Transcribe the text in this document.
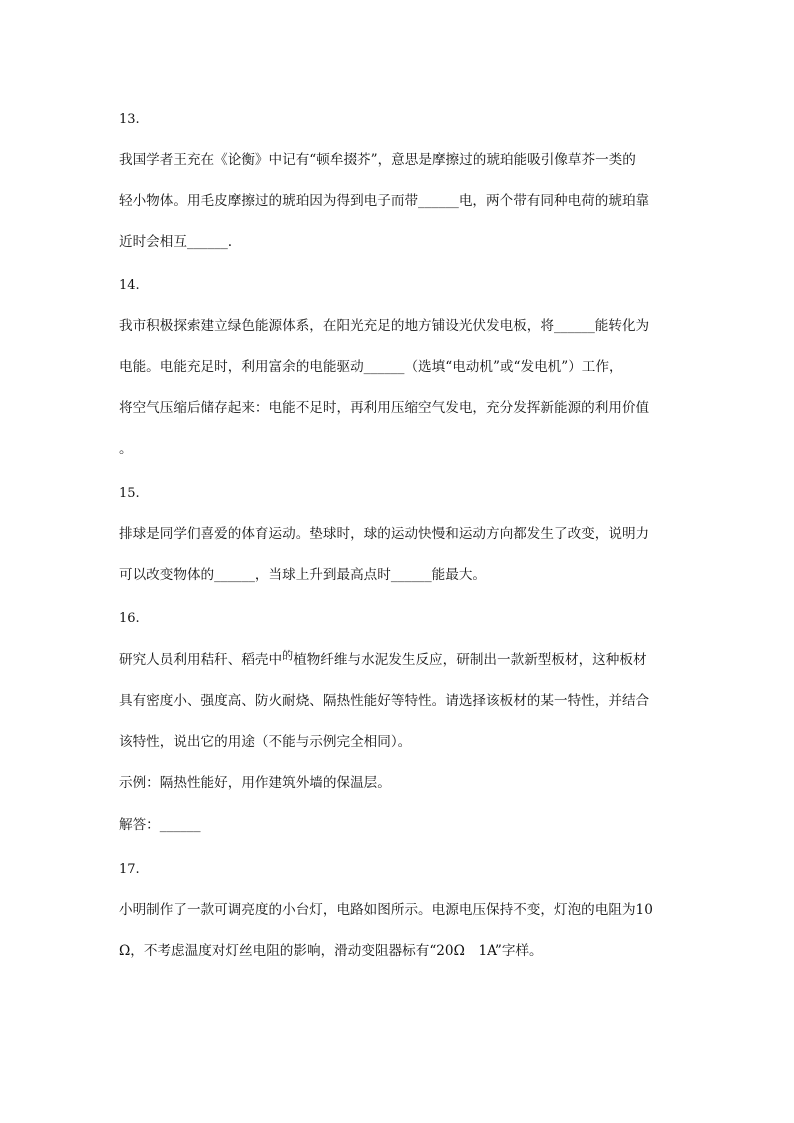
13.

我国学者王充在《论衡》中记有“顿牟掇芥”，意思是摩擦过的琥珀能吸引像草芥一类的

轻小物体。用毛皮摩擦过的琥珀因为得到电子而带______电，两个带有同种电荷的琥珀靠

近时会相互______.

14.

我市积极探索建立绿色能源体系，在阳光充足的地方铺设光伏发电板，将______能转化为

电能。电能充足时，利用富余的电能驱动______（选填“电动机”或“发电机”）工作，

将空气压缩后储存起来：电能不足时，再利用压缩空气发电，充分发挥新能源的利用价值

。

15.

排球是同学们喜爱的体育运动。垫球时，球的运动快慢和运动方向都发生了改变，说明力

可以改变物体的______，当球上升到最高点时______能最大。

16.

研究人员利用秸秆、稻壳中$^的$植物纤维与水泥发生反应，研制出一款新型板材，这种板材

具有密度小、强度高、防火耐烧、隔热性能好等特性。请选择该板材的某一特性，并结合

该特性，说出它的用途（不能与示例完全相同）。

示例：隔热性能好，用作建筑外墙的保温层。

解答：______

17.

小明制作了一款可调亮度的小台灯，电路如图所示。电源电压保持不变，灯泡的电阻为10

Ω，不考虑温度对灯丝电阻的影响，滑动变阻器标有“20Ω　1A”字样。
